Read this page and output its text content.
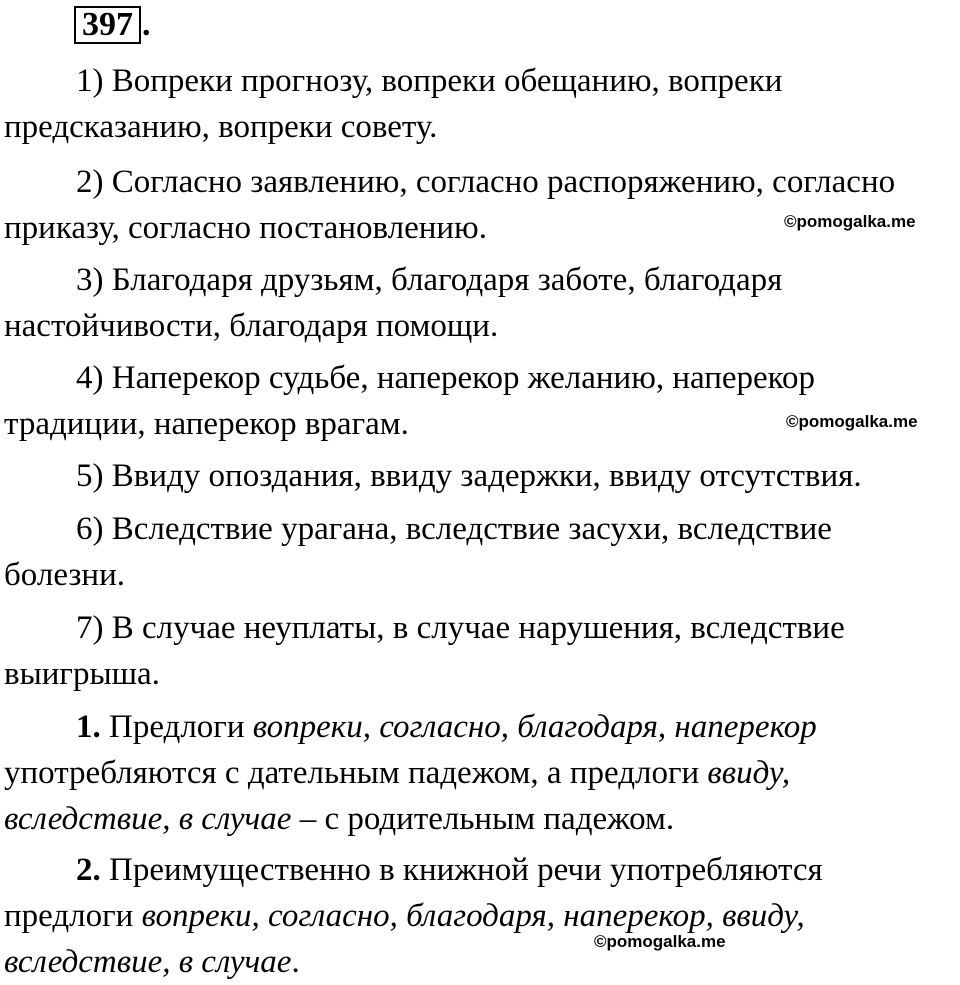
397 .

1) Вопреки прогнозу, вопреки обещанию, вопреки предсказанию, вопреки совету.

2) Согласно заявлению, согласно распоряжению, согласно приказу, согласно постановлению.

3) Благодаря друзьям, благодаря заботе, благодаря настойчивости, благодаря помощи.

4) Наперекор судьбе, наперекор желанию, наперекор традиции, наперекор врагам.

5) Ввиду опоздания, ввиду задержки, ввиду отсутствия.

6) Вследствие урагана, вследствие засухи, вследствие болезни.

7) В случае неуплаты, в случае нарушения, вследствие выигрыша.

1. Предлоги вопреки, согласно, благодаря, наперекор употребляются с дательным падежом, а предлоги ввиду, вследствие, в случае – с родительным падежом.

2. Преимущественно в книжной речи употребляются предлоги вопреки, согласно, благодаря, наперекор, ввиду, вследствие, в случае.

©pomogalka.me
©pomogalka.me
©pomogalka.me
